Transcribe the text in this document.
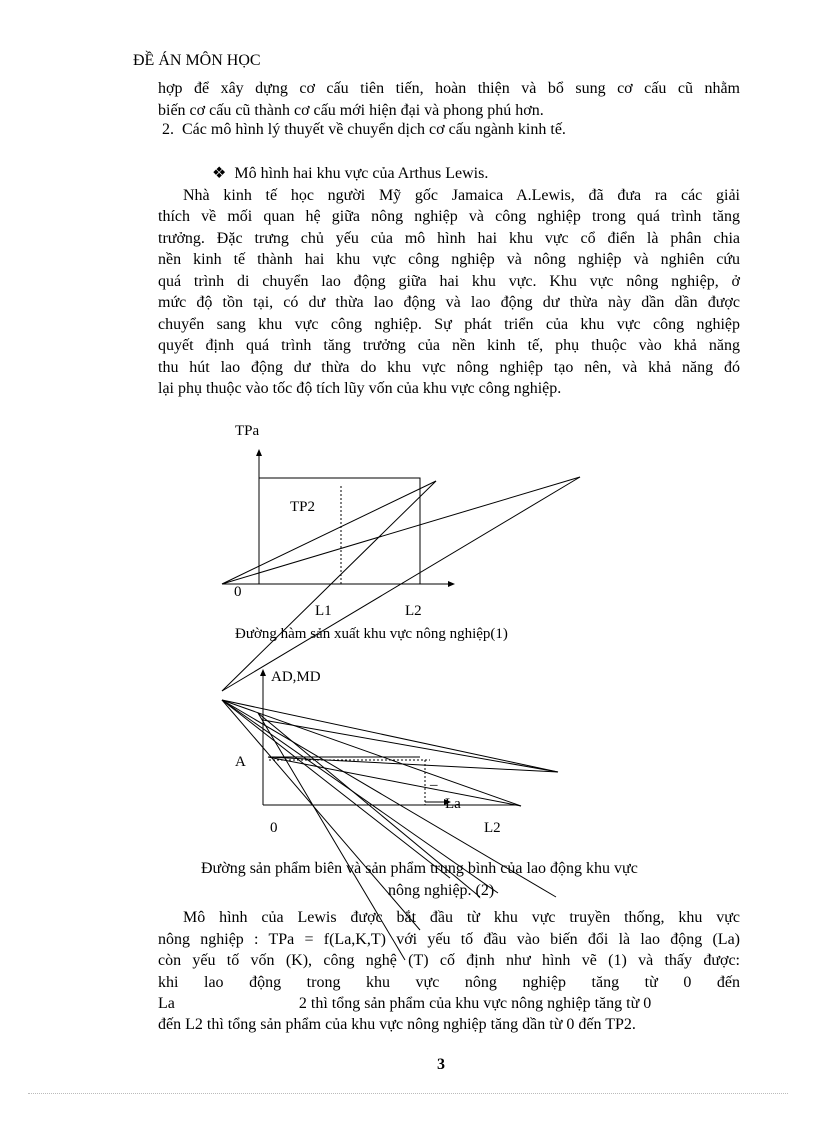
ĐỀ ÁN MÔN HỌC
hợp để xây dựng cơ cấu tiên tiến, hoàn thiện và bổ sung cơ cấu cũ nhằm
biến cơ cấu cũ thành cơ cấu mới hiện đại và phong phú hơn.
2. Các mô hình lý thuyết về chuyển dịch cơ cấu ngành kinh tế.
❖ Mô hình hai khu vực của Arthus Lewis.
Nhà kinh tế học người Mỹ gốc Jamaica A.Lewis, đã đưa ra các giải
thích về mối quan hệ giữa nông nghiệp và công nghiệp trong quá trình tăng
trưởng. Đặc trưng chủ yếu của mô hình hai khu vực cổ điển là phân chia
nền kinh tế thành hai khu vực công nghiệp và nông nghiệp và nghiên cứu
quá trình di chuyển lao động giữa hai khu vực. Khu vực nông nghiệp, ở
mức độ tồn tại, có dư thừa lao động và lao động dư thừa này dần dần được
chuyển sang khu vực công nghiệp. Sự phát triển của khu vực công nghiệp
quyết định quá trình tăng trưởng của nền kinh tế, phụ thuộc vào khả năng
thu hút lao động dư thừa do khu vực nông nghiệp tạo nên, và khả năng đó
lại phụ thuộc vào tốc độ tích lũy vốn của khu vực công nghiệp.
TPa
TP2
0
L1	L2
Đường hàm sản xuất khu vực nông nghiệp(1)
AD,MD
A
–
La
0	L2
Đường sản phẩm biên và sản phẩm trung bình của lao động khu vực
nông nghiệp. (2)
Mô hình của Lewis được bắt đầu từ khu vực truyền thống, khu vực
nông nghiệp : TPa = f(La,K,T) với yếu tố đầu vào biến đổi là lao động (La)
còn yếu tố vốn (K), công nghệ (T) cố định như hình vẽ (1) và thấy được:
khi   lao   động   trong   khu   vực   nông   nghiệp   tăng   từ   0   đến
La                               2 thì tổng sản phẩm của khu vực nông nghiệp tăng từ 0
đến L2 thì tổng sản phẩm của khu vực nông nghiệp tăng dần từ 0 đến TP2.
3
